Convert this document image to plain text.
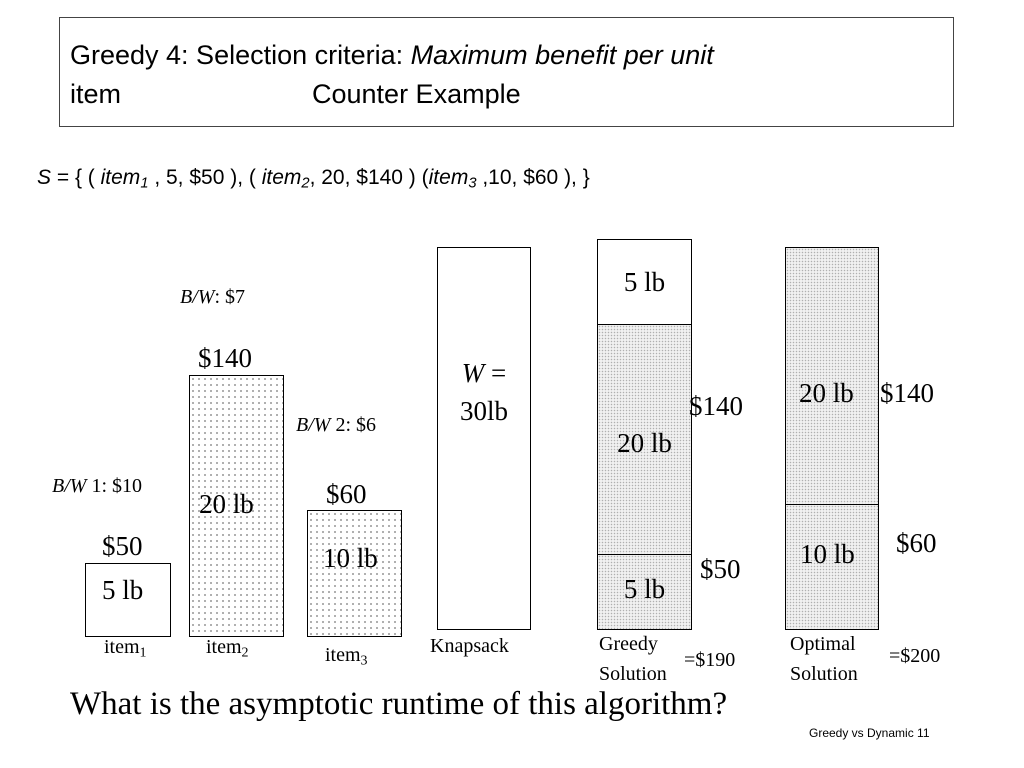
Greedy 4: Selection criteria: Maximum benefit per unit
item	Counter Example
S = { ( item$_1$ , 5, $50 ), ( item$_2$, 20, $140 ) (item$_3$ ,10, $60 ), }
B/W 1: $10
$50
5 lb
item$_1$
B/W: $7
$140
20 lb
item$_2$
B/W 2: $6
$60
10 lb
item$_3$
W =
30lb
Knapsack
5 lb
20 lb
$140
5 lb
$50
Greedy
Solution
=$190
20 lb $140
10 lb $60
Optimal
Solution
=$200
What is the asymptotic runtime of this algorithm?
Greedy vs Dynamic 11
